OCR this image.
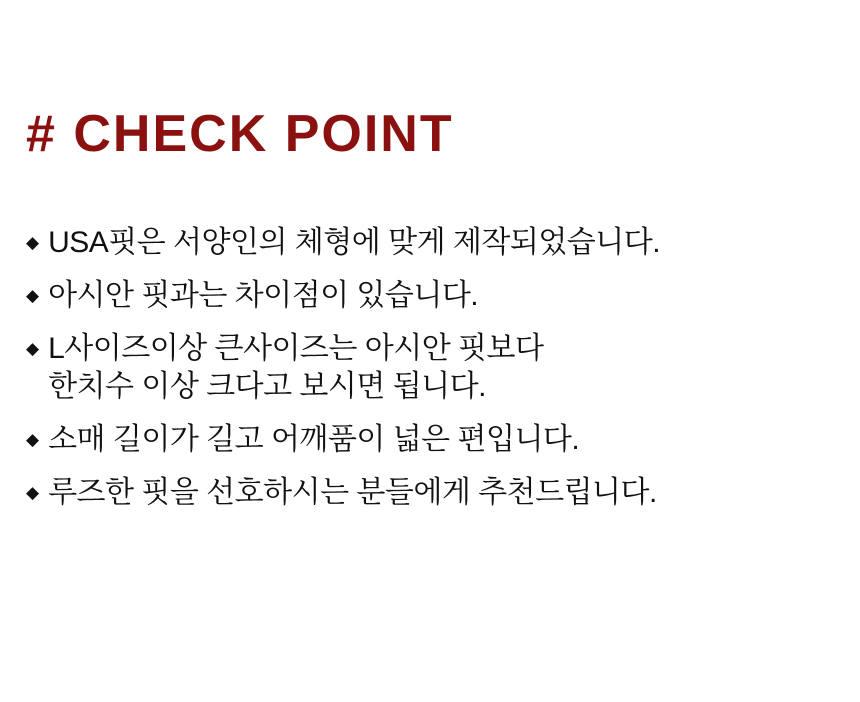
# CHECK POINT
◆ USA핏은 서양인의 체형에 맞게 제작되었습니다.
◆ 아시안 핏과는 차이점이 있습니다.
◆ L사이즈이상 큰사이즈는 아시안 핏보다
한치수 이상 크다고 보시면 됩니다.
◆ 소매 길이가 길고 어깨품이 넓은 편입니다.
◆ 루즈한 핏을 선호하시는 분들에게 추천드립니다.
